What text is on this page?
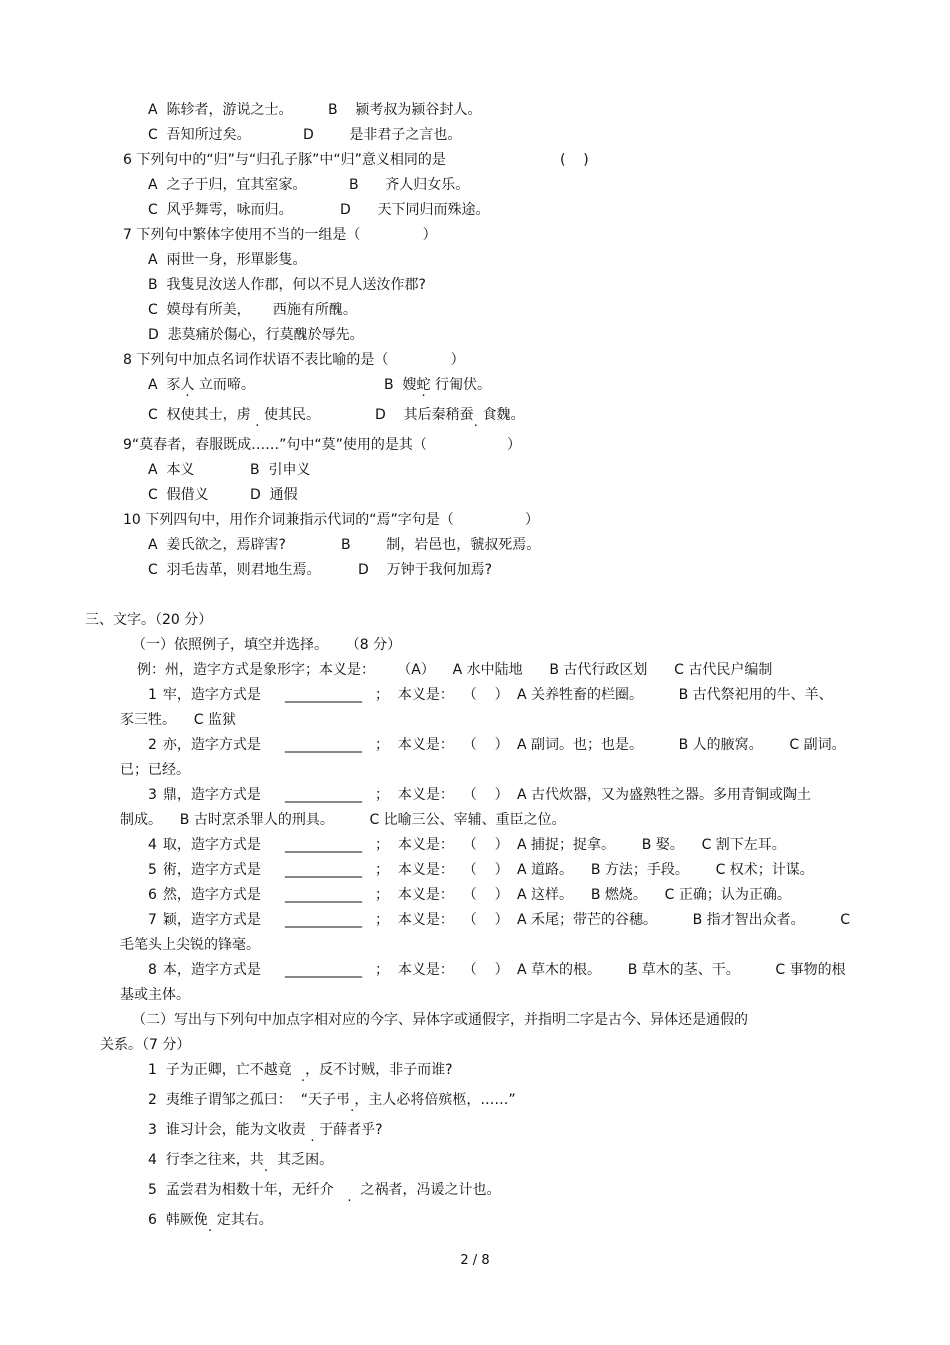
A  陈轸者，游说之士。	B    颍考叔为颍谷封人。
C  吾知所过矣。	D        是非君子之言也。
6 下列句中的“归”与“归孔子豚”中“归”意义相同的是	(    )
A  之子于归，宜其室家。	B      齐人归女乐。
C  风乎舞雩，咏而归。	D      天下同归而殊途。
7 下列句中繁体字使用不当的一组是（              ）
A  兩世一身，形單影隻。
B  我隻見汝送人作郡，何以不見人送汝作郡?
C  嫫母有所美，     西施有所醜。
D  悲莫痛於傷心，行莫醜於辱先。
8 下列句中加点名词作状语不表比喻的是（              ）
A  豕人 立而啼。	B  嫂蛇 行匍伏。
C  权使其士，虏   · 使其民。	D    其后秦稍蚕  · 食魏。
9“莫春者，春服既成……”句中“莫”使用的是其（                  ）
A  本义	B  引申义
C  假借义	D  通假
10 下列四句中，用作介词兼指示代词的“焉”字句是（                ）
A  姜氏欲之，焉辟害?	B        制，岩邑也，虢叔死焉。
C  羽毛齿革，则君地生焉。	D    万钟于我何加焉?
三、文字。（20 分）
（一）依照例子，填空并选择。    （8 分）
例：州，造字方式是象形字；本义是：     （A）    A 水中陆地      B 古代行政区划      C 古代民户编制
1 牢，造字方式是 ___________ ；  本义是：  （    ） A 关养牲畜的栏圈。        B 古代祭祀用的牛、羊、
豕三牲。    C 监狱
2 亦，造字方式是 ___________ ；  本义是：  （    ） A 副词。也；也是。        B 人的腋窝。      C 副词。
已；已经。
3 鼎，造字方式是 ___________ ；  本义是：  （    ） A 古代炊器，又为盛熟牲之器。多用青铜或陶土
制成。    B 古时烹杀罪人的刑具。        C 比喻三公、宰辅、重臣之位。
4 取，造字方式是 ___________ ；  本义是：  （    ） A 捕捉；捉拿。      B 娶。    C 割下左耳。
5 術，造字方式是 ___________ ；  本义是：  （    ） A 道路。    B 方法；手段。      C 权术；计谋。
6 然，造字方式是 ___________ ；  本义是：  （    ） A 这样。    B 燃烧。    C 正确；认为正确。
7 颖，造字方式是 ___________ ；  本义是：  （    ） A 禾尾；带芒的谷穗。        B 指才智出众者。        C
毛笔头上尖锐的锋毫。
8 本，造字方式是 ___________ ；  本义是：  （    ） A 草木的根。      B 草木的茎、干。        C 事物的根
基或主体。
（二）写出与下列句中加点字相对应的今字、异体字或通假字，并指明二字是古今、异体还是通假的
关系。（7 分）
1  子为正卿，亡不越竟    ·，反不讨贼，非子而谁?
2  夷维子谓邹之孤曰：  “天子弔  · ，主人必将倍殡柩，……”
3  谁习计会，能为文收责   · 于薛者乎?
4  行李之往来，共  ·  其乏困。
5  孟尝君为相数十年，无纤介     ·  之祸者，冯谖之计也。
6  韩厥俛  · 定其右。
2 / 8
